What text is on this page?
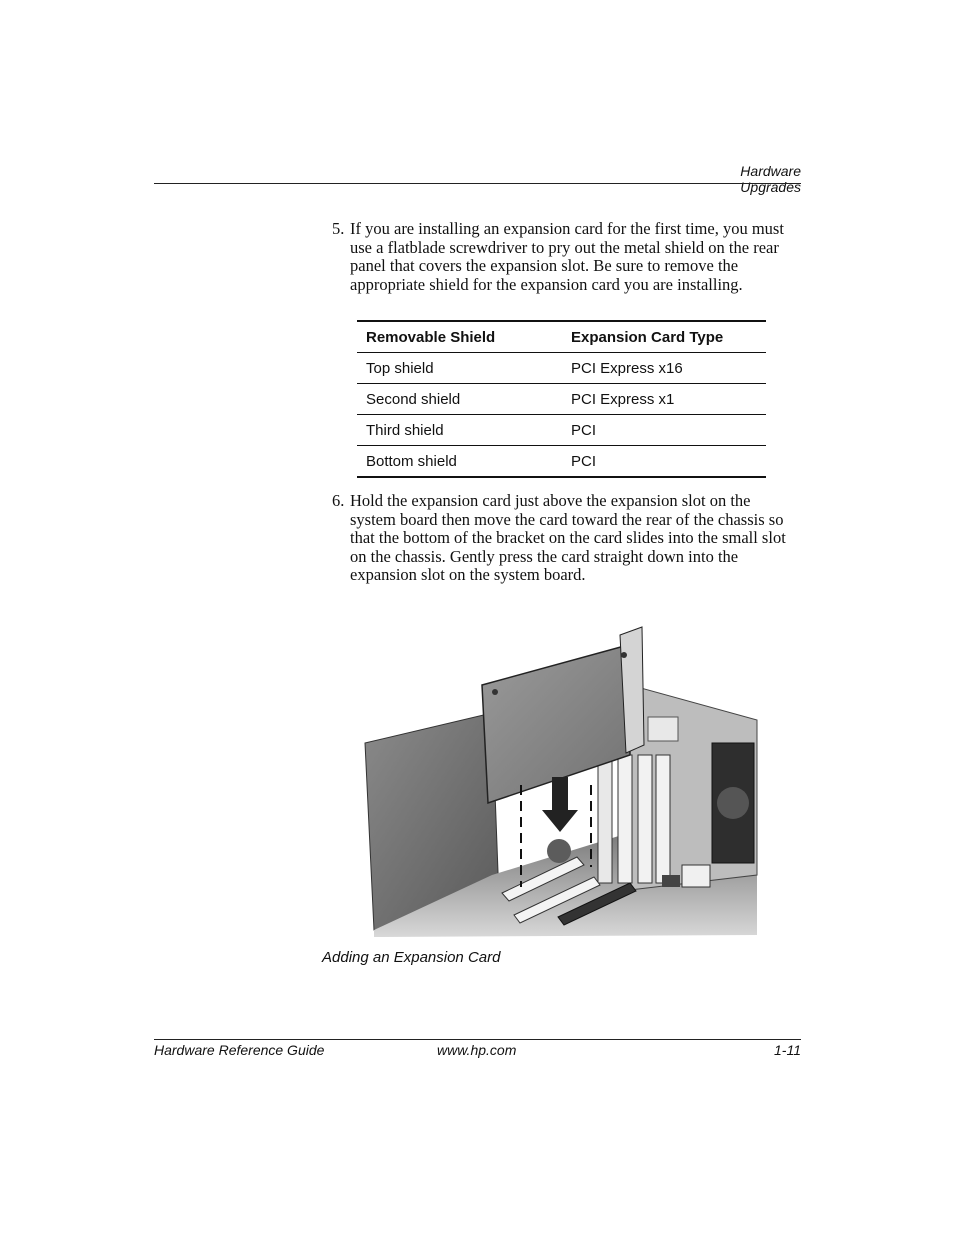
Hardware Upgrades
5. If you are installing an expansion card for the first time, you must use a flatblade screwdriver to pry out the metal shield on the rear panel that covers the expansion slot. Be sure to remove the appropriate shield for the expansion card you are installing.
Removable Shield	Expansion Card Type
Top shield	PCI Express x16
Second shield	PCI Express x1
Third shield	PCI
Bottom shield	PCI
6. Hold the expansion card just above the expansion slot on the system board then move the card toward the rear of the chassis so that the bottom of the bracket on the card slides into the small slot on the chassis. Gently press the card straight down into the expansion slot on the system board.
Adding an Expansion Card
Hardware Reference Guide	www.hp.com	1-11
